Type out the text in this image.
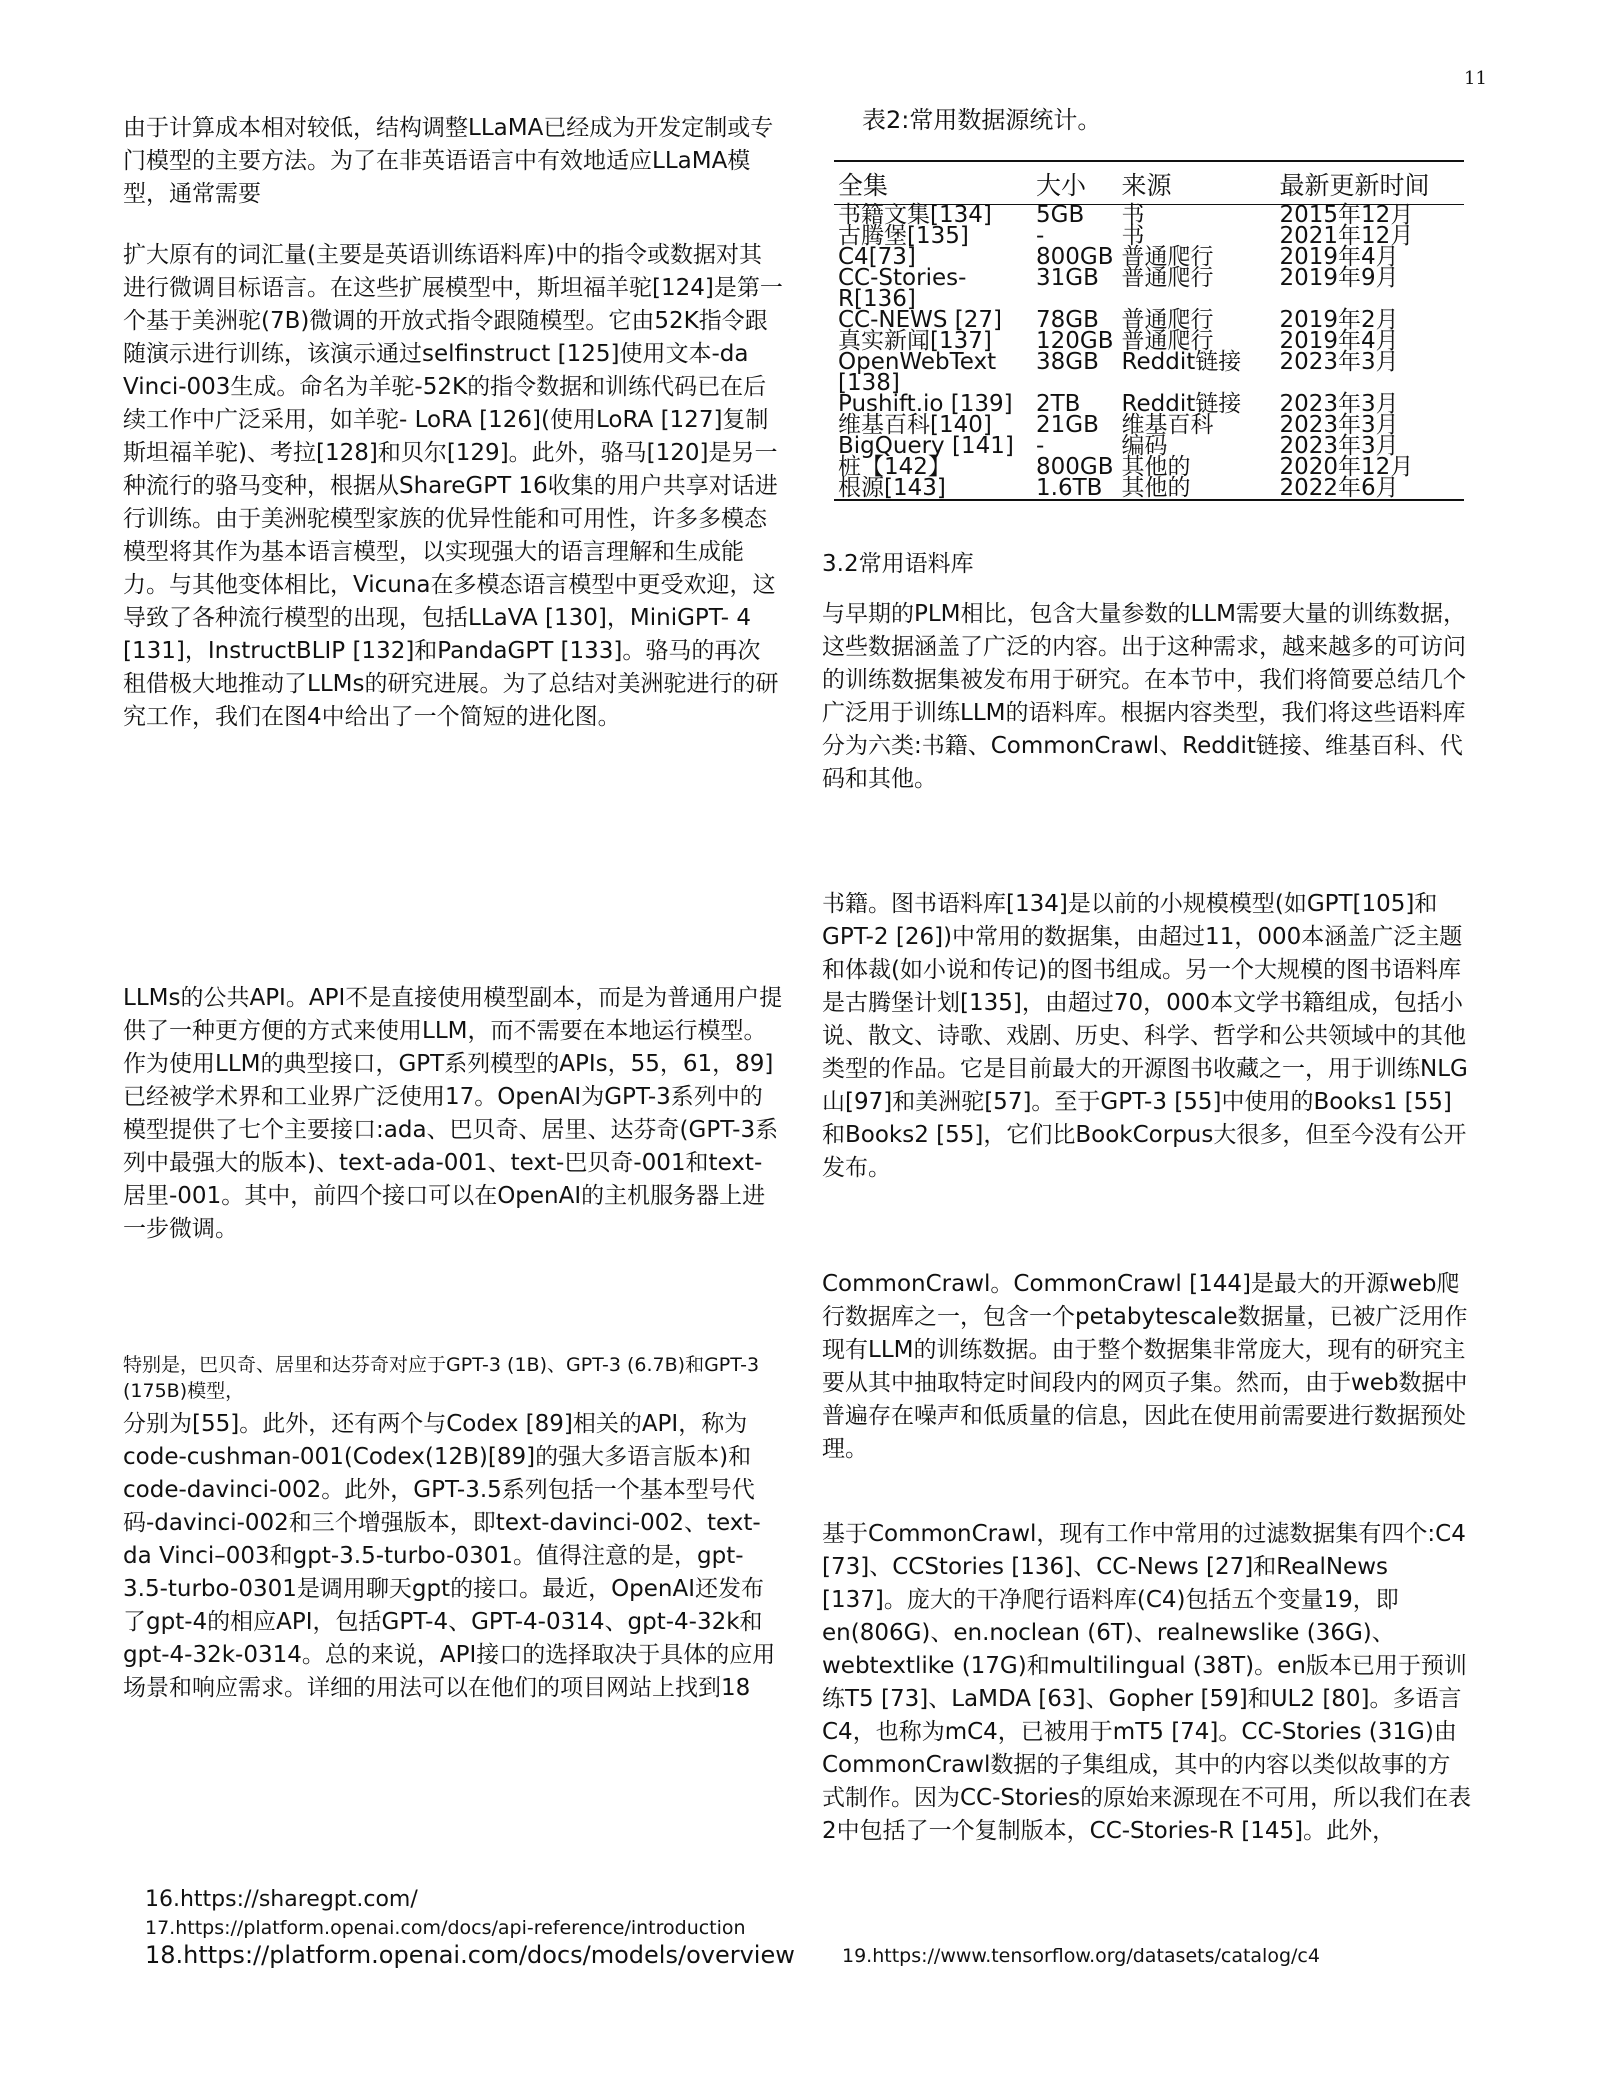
11

由于计算成本相对较低，结构调整LLaMA已经成为开发定制或专门模型的主要方法。为了在非英语语言中有效地适应LLaMA模型，通常需要

扩大原有的词汇量(主要是英语训练语料库)中的指令或数据对其进行微调目标语言。在这些扩展模型中，斯坦福羊驼[124]是第一个基于美洲驼(7B)微调的开放式指令跟随模型。它由52K指令跟随演示进行训练，该演示通过selfinstruct [125]使用文本-da Vinci-003生成。命名为羊驼-52K的指令数据和训练代码已在后续工作中广泛采用，如羊驼- LoRA [126](使用LoRA [127]复制斯坦福羊驼)、考拉[128]和贝尔[129]。此外，骆马[120]是另一种流行的骆马变种，根据从ShareGPT 16收集的用户共享对话进行训练。由于美洲驼模型家族的优异性能和可用性，许多多模态模型将其作为基本语言模型，以实现强大的语言理解和生成能力。与其他变体相比，Vicuna在多模态语言模型中更受欢迎，这导致了各种流行模型的出现，包括LLaVA [130]，MiniGPT- 4 [131]，InstructBLIP [132]和PandaGPT [133]。骆马的再次租借极大地推动了LLMs的研究进展。为了总结对美洲驼进行的研究工作，我们在图4中给出了一个简短的进化图。

LLMs的公共API。API不是直接使用模型副本，而是为普通用户提供了一种更方便的方式来使用LLM，而不需要在本地运行模型。作为使用LLM的典型接口，GPT系列模型的APIs，55，61，89]已经被学术界和工业界广泛使用17。OpenAI为GPT-3系列中的模型提供了七个主要接口:ada、巴贝奇、居里、达芬奇(GPT-3系列中最强大的版本)、text-ada-001、text-巴贝奇-001和text-居里-001。其中，前四个接口可以在OpenAI的主机服务器上进一步微调。

特别是，巴贝奇、居里和达芬奇对应于GPT-3 (1B)、GPT-3 (6.7B)和GPT-3 (175B)模型，

分别为[55]。此外，还有两个与Codex [89]相关的API，称为code-cushman-001(Codex(12B)[89]的强大多语言版本)和code-davinci-002。此外，GPT-3.5系列包括一个基本型号代码-davinci-002和三个增强版本，即text-davinci-002、text-da Vinci–003和gpt-3.5-turbo-0301。值得注意的是，gpt-3.5-turbo-0301是调用聊天gpt的接口。最近，OpenAI还发布了gpt-4的相应API，包括GPT-4、GPT-4-0314、gpt-4-32k和gpt-4-32k-0314。总的来说，API接口的选择取决于具体的应用场景和响应需求。详细的用法可以在他们的项目网站上找到18

表2:常用数据源统计。
全集	大小	来源	最新更新时间
书籍文集[134]	5GB	书	2015年12月
古腾堡[135]	-	书	2021年12月
C4[73]	800GB	普通爬行	2019年4月
CC-Stories-R[136]	31GB	普通爬行	2019年9月
CC-NEWS [27]	78GB	普通爬行	2019年2月
真实新闻[137]	120GB	普通爬行	2019年4月
OpenWebText [138]	38GB	Reddit链接	2023年3月
Pushift.io [139]	2TB	Reddit链接	2023年3月
维基百科[140]	21GB	维基百科	2023年3月
BigQuery [141]	-	编码	2023年3月
桩【142】	800GB	其他的	2020年12月
根源[143]	1.6TB	其他的	2022年6月

3.2常用语料库

与早期的PLM相比，包含大量参数的LLM需要大量的训练数据，这些数据涵盖了广泛的内容。出于这种需求，越来越多的可访问的训练数据集被发布用于研究。在本节中，我们将简要总结几个广泛用于训练LLM的语料库。根据内容类型，我们将这些语料库分为六类:书籍、CommonCrawl、Reddit链接、维基百科、代码和其他。

书籍。图书语料库[134]是以前的小规模模型(如GPT[105]和GPT-2 [26])中常用的数据集，由超过11，000本涵盖广泛主题和体裁(如小说和传记)的图书组成。另一个大规模的图书语料库是古腾堡计划[135]，由超过70，000本文学书籍组成，包括小说、散文、诗歌、戏剧、历史、科学、哲学和公共领域中的其他类型的作品。它是目前最大的开源图书收藏之一，用于训练NLG山[97]和美洲驼[57]。至于GPT-3 [55]中使用的Books1 [55]和Books2 [55]，它们比BookCorpus大很多，但至今没有公开发布。

CommonCrawl。CommonCrawl [144]是最大的开源web爬行数据库之一，包含一个petabytescale数据量，已被广泛用作现有LLM的训练数据。由于整个数据集非常庞大，现有的研究主要从其中抽取特定时间段内的网页子集。然而，由于web数据中普遍存在噪声和低质量的信息，因此在使用前需要进行数据预处理。

基于CommonCrawl，现有工作中常用的过滤数据集有四个:C4 [73]、CCStories [136]、CC-News [27]和RealNews [137]。庞大的干净爬行语料库(C4)包括五个变量19，即en(806G)、en.noclean (6T)、realnewslike (36G)、webtextlike (17G)和multilingual (38T)。en版本已用于预训练T5 [73]、LaMDA [63]、Gopher [59]和UL2 [80]。多语言C4，也称为mC4，已被用于mT5 [74]。CC-Stories (31G)由CommonCrawl数据的子集组成，其中的内容以类似故事的方式制作。因为CC-Stories的原始来源现在不可用，所以我们在表2中包括了一个复制版本，CC-Stories-R [145]。此外，

16.https://sharegpt.com/
17.https://platform.openai.com/docs/api-reference/introduction
18.https://platform.openai.com/docs/models/overview 19.https://www.tensorflow.org/datasets/catalog/c4
